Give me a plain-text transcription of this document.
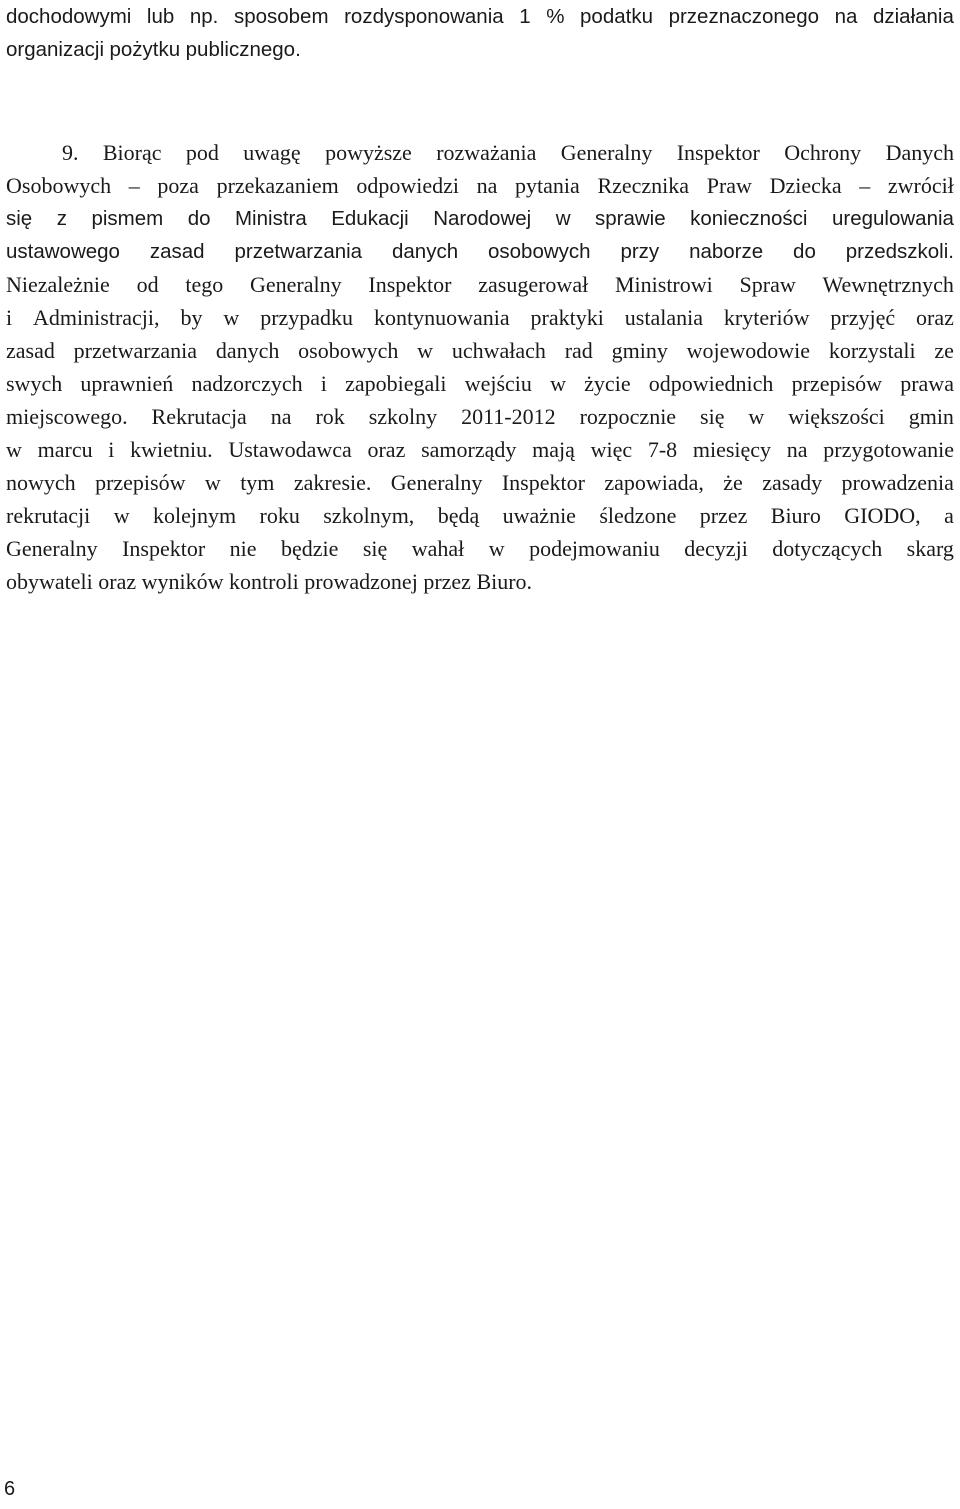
dochodowymi lub np. sposobem rozdysponowania 1 % podatku przeznaczonego na działania
organizacji pożytku publicznego.
9. Biorąc pod uwagę powyższe rozważania Generalny Inspektor Ochrony Danych
Osobowych – poza przekazaniem odpowiedzi na pytania Rzecznika Praw Dziecka – zwrócił
się z pismem do Ministra Edukacji Narodowej w sprawie konieczności uregulowania
ustawowego zasad przetwarzania danych osobowych przy naborze do przedszkoli.
Niezależnie od tego Generalny Inspektor zasugerował Ministrowi Spraw Wewnętrznych
i Administracji, by w przypadku kontynuowania praktyki ustalania kryteriów przyjęć oraz
zasad przetwarzania danych osobowych w uchwałach rad gminy wojewodowie korzystali ze
swych uprawnień nadzorczych i zapobiegali wejściu w życie odpowiednich przepisów prawa
miejscowego. Rekrutacja na rok szkolny 2011-2012 rozpocznie się w większości gmin
w marcu i kwietniu. Ustawodawca oraz samorządy mają więc 7-8 miesięcy na przygotowanie
nowych przepisów w tym zakresie. Generalny Inspektor zapowiada, że zasady prowadzenia
rekrutacji w kolejnym roku szkolnym, będą uważnie śledzone przez Biuro GIODO, a
Generalny Inspektor nie będzie się wahał w podejmowaniu decyzji dotyczących skarg
obywateli oraz wyników kontroli prowadzonej przez Biuro.
6
